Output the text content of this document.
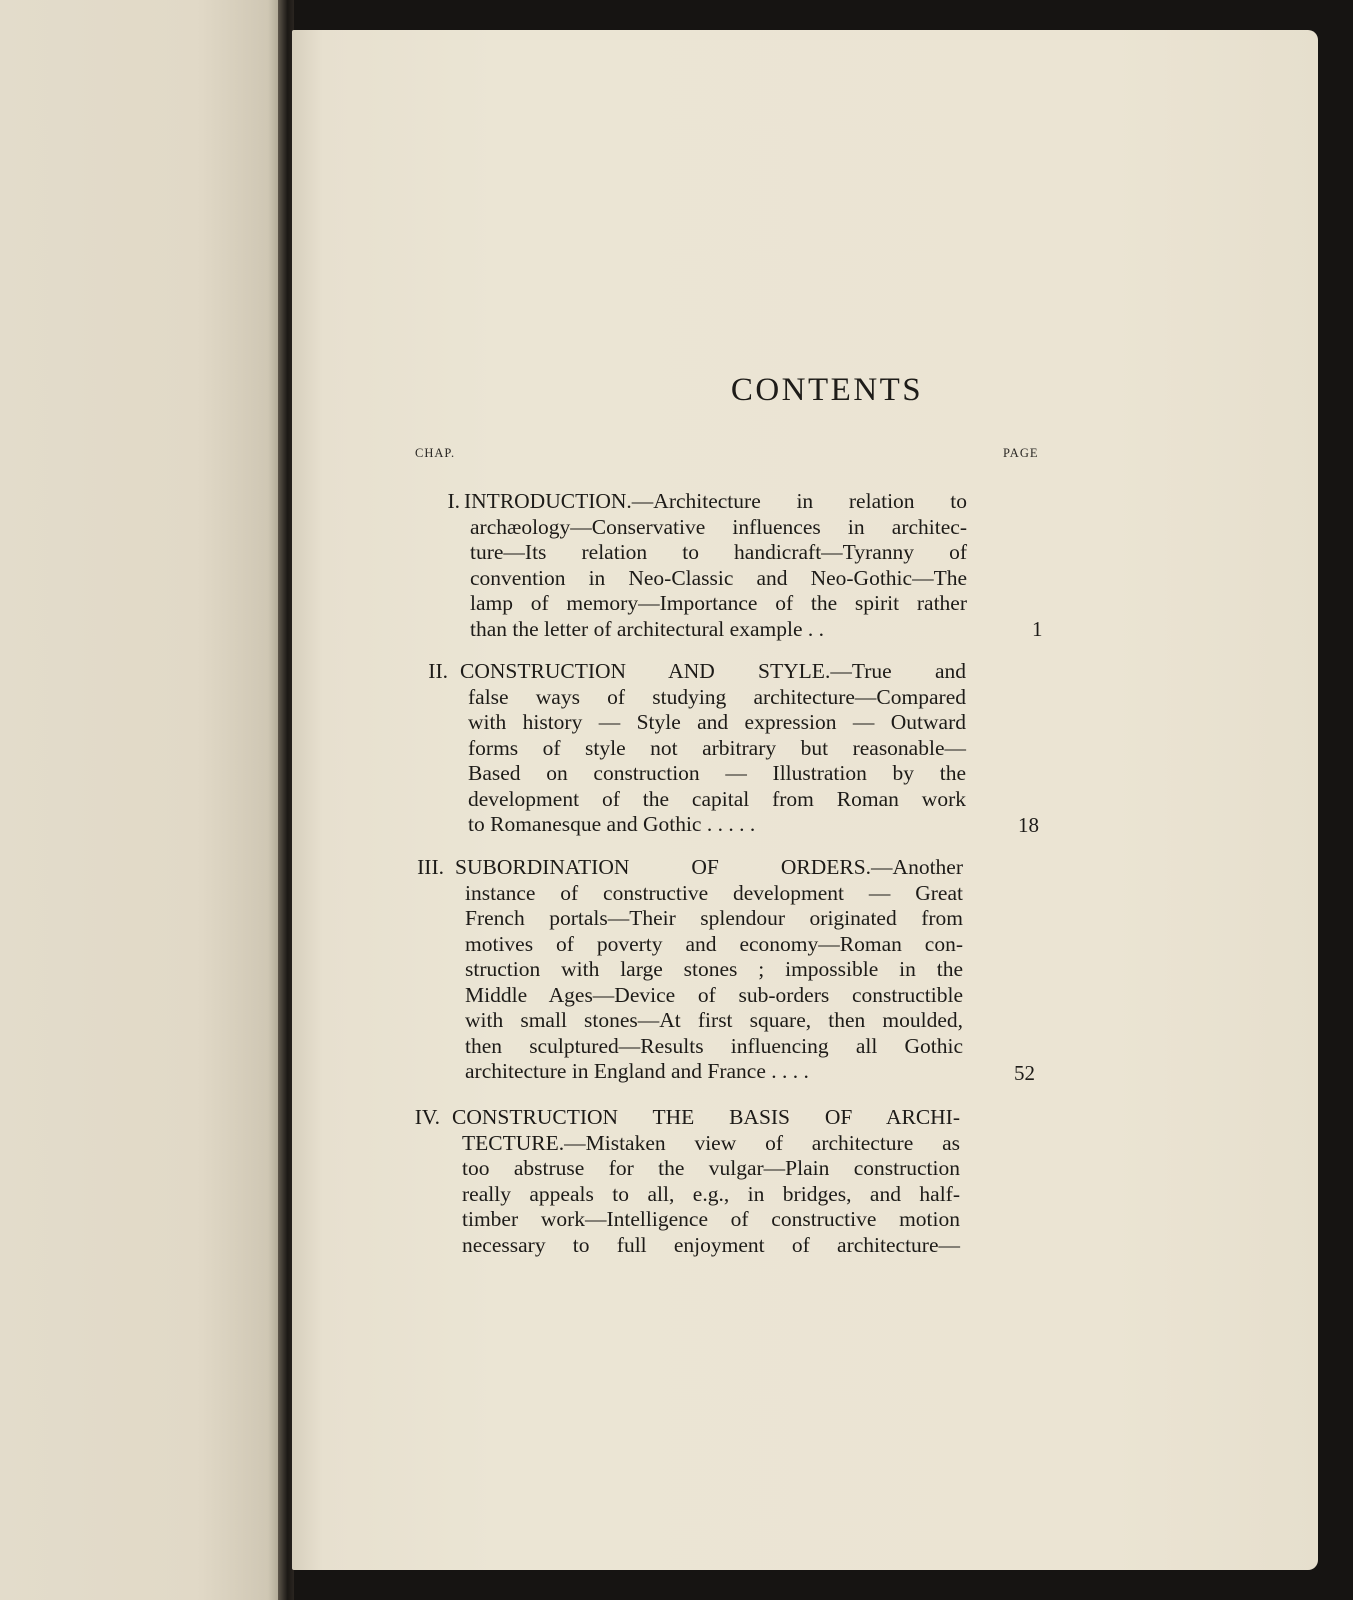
CONTENTS
CHAP.	PAGE
I. INTRODUCTION.—Architecture in relation to
archæology—Conservative influences in architec-
ture—Its relation to handicraft—Tyranny of
convention in Neo-Classic and Neo-Gothic—The
lamp of memory—Importance of the spirit rather
than the letter of architectural example . .	1
II. CONSTRUCTION AND STYLE.—True and
false ways of studying architecture—Compared
with history — Style and expression — Outward
forms of style not arbitrary but reasonable—
Based on construction — Illustration by the
development of the capital from Roman work
to Romanesque and Gothic . . . . .	18
III. SUBORDINATION OF ORDERS.—Another
instance of constructive development — Great
French portals—Their splendour originated from
motives of poverty and economy—Roman con-
struction with large stones ; impossible in the
Middle Ages—Device of sub-orders constructible
with small stones—At first square, then moulded,
then sculptured—Results influencing all Gothic
architecture in England and France . . . .	52
IV. CONSTRUCTION THE BASIS OF ARCHI-
TECTURE.—Mistaken view of architecture as
too abstruse for the vulgar—Plain construction
really appeals to all, e.g., in bridges, and half-
timber work—Intelligence of constructive motion
necessary to full enjoyment of architecture—
